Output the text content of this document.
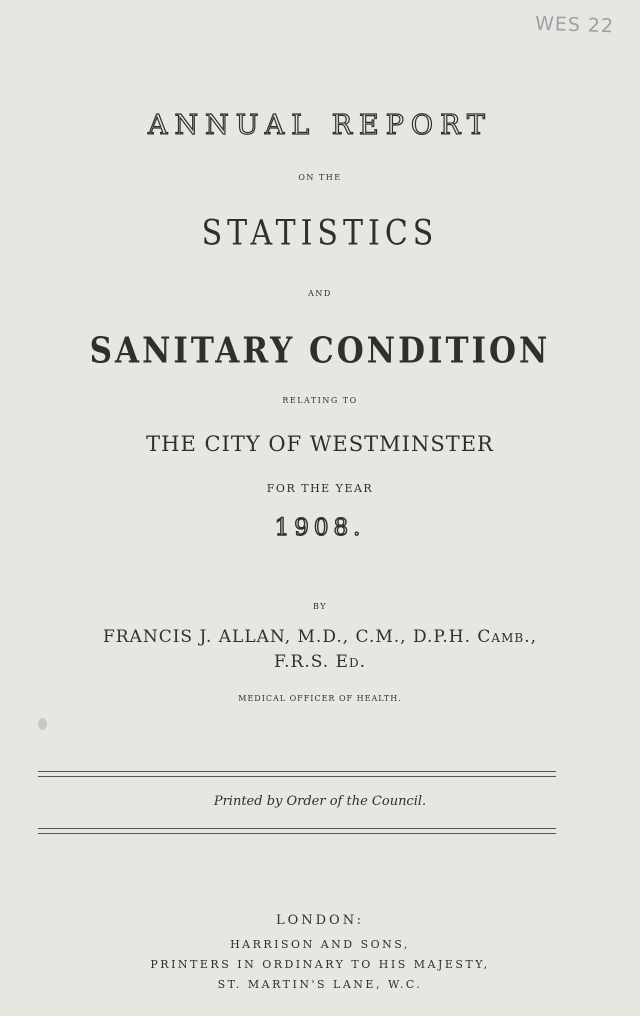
WES 22
ANNUAL REPORT
ON THE
STATISTICS
AND
SANITARY CONDITION
RELATING TO
THE CITY OF WESTMINSTER
FOR THE YEAR
1908.
BY
FRANCIS J. ALLAN, M.D., C.M., D.P.H. Camb.,
F.R.S. Ed.
MEDICAL OFFICER OF HEALTH.
Printed by Order of the Council.
LONDON:
HARRISON AND SONS,
PRINTERS IN ORDINARY TO HIS MAJESTY,
ST. MARTIN'S LANE, W.C.
